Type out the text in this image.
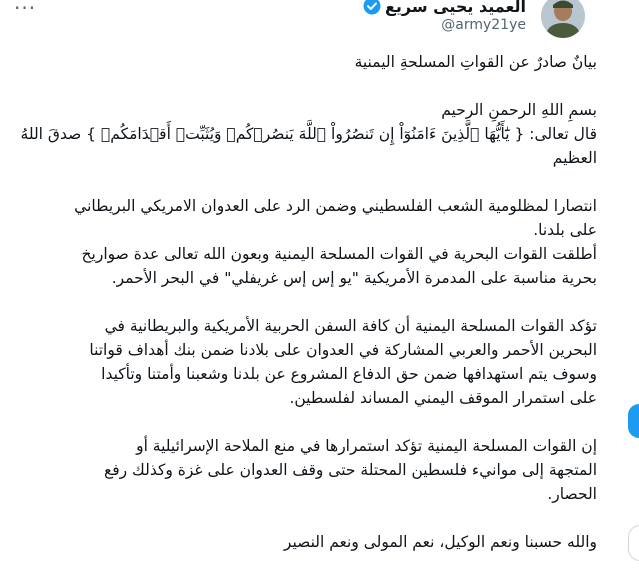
···	العميد يحيى سريع
@army21ye
بيانٌ صادرٌ عن القواتِ المسلحةِ اليمنية
بسمِ اللهِ الرحمنِ الرحيم
قال تعالى: { يَٰٓأَيُّهَا ٱلَّذِينَ ءَامَنُوٓاْ إِن تَنصُرُواْ ٱللَّهَ يَنصُرۡكُمۡ وَيُثَبِّتۡ أَقۡدَامَكُمۡ } صدقَ اللهُ
العظيم
انتصارا لمظلومية الشعب الفلسطيني وضمن الرد على العدوان الامريكي البريطاني
على بلدنا.
أطلقت القوات البحرية في القوات المسلحة اليمنية وبعون الله تعالى عدة صواريخ
بحرية مناسبة على المدمرة الأمريكية "يو إس إس غريفلي" في البحر الأحمر.
تؤكد القوات المسلحة اليمنية أن كافة السفن الحربية الأمريكية والبريطانية في
البحرين الأحمر والعربي المشاركة في العدوان على بلادنا ضمن بنك أهداف قواتنا
وسوف يتم استهدافها ضمن حق الدفاع المشروع عن بلدنا وشعبنا وأمتنا وتأكيدا
على استمرار الموقف اليمني المساند لفلسطين.
إن القوات المسلحة اليمنية تؤكد استمرارها في منع الملاحة الإسرائيلية أو
المتجهة إلى موانيء فلسطين المحتلة حتى وقف العدوان على غزة وكذلك رفع
الحصار.
والله حسبنا ونعم الوكيل، نعم المولى ونعم النصير
